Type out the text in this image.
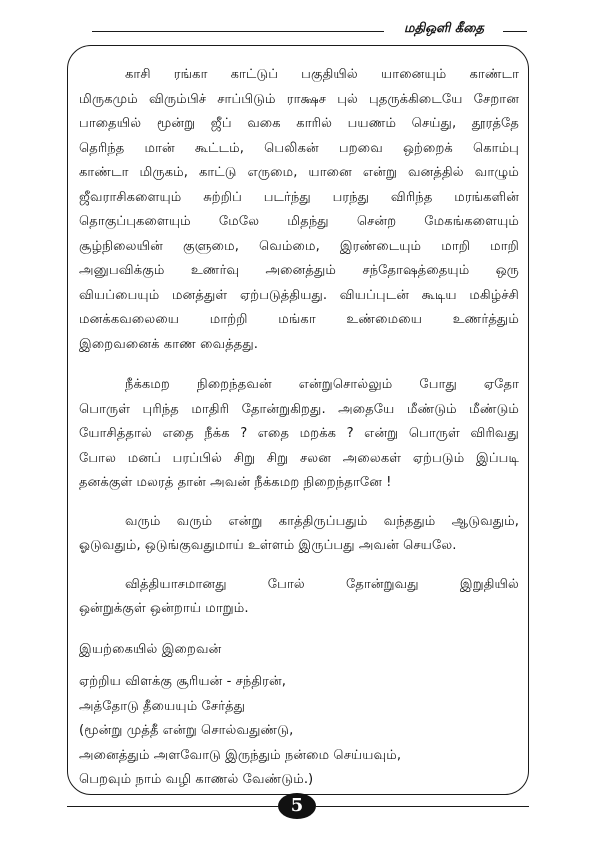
மதிஒளி கீதை

காசி ரங்கா காட்டுப் பகுதியில் யானையும் காண்டா
மிருகமும் விரும்பிச் சாப்பிடும் ராக்ஷச புல் புதருக்கிடையே சேறான
பாதையில் மூன்று ஜீப் வகை காரில் பயணம் செய்து, தூரத்தே
தெரிந்த மான் கூட்டம், பெலிகன் பறவை ஒற்றைக் கொம்பு
காண்டா மிருகம், காட்டு எருமை, யானை என்று வனத்தில் வாழும்
ஜீவராசிகளையும் சுற்றிப் படர்ந்து பரந்து விரிந்த மரங்களின்
தொகுப்புகளையும் மேலே மிதந்து சென்ற மேகங்களையும்
சூழ்நிலையின் குளுமை, வெம்மை, இரண்டையும் மாறி மாறி
அனுபவிக்கும் உணர்வு அனைத்தும் சந்தோஷத்தையும் ஒரு
வியப்பையும் மனத்துள் ஏற்படுத்தியது. வியப்புடன் கூடிய மகிழ்ச்சி
மனக்கவலையை மாற்றி மங்கா உண்மையை உணர்த்தும்
இறைவனைக் காண வைத்தது.

நீக்கமற நிறைந்தவன் என்றுசொல்லும் போது ஏதோ
பொருள் புரிந்த மாதிரி தோன்றுகிறது. அதையே மீண்டும் மீண்டும்
யோசித்தால் எதை நீக்க ? எதை மறக்க ? என்று பொருள் விரிவது
போல மனப் பரப்பில் சிறு சிறு சலன அலைகள் ஏற்படும் இப்படி
தனக்குள் மலரத் தான் அவன் நீக்கமற நிறைந்தானே !

வரும் வரும் என்று காத்திருப்பதும் வந்ததும் ஆடுவதும்,
ஓடுவதும், ஒடுங்குவதுமாய் உள்ளம் இருப்பது அவன் செயலே.

வித்தியாசமானது போல் தோன்றுவது இறுதியில்
ஒன்றுக்குள் ஒன்றாய் மாறும்.

இயற்கையில் இறைவன்

ஏற்றிய விளக்கு சூரியன் - சந்திரன்,
அத்தோடு தீயையும் சேர்த்து
(மூன்று முத்தீ என்று சொல்வதுண்டு,
அனைத்தும் அளவோடு இருந்தும் நன்மை செய்யவும்,
பெறவும் நாம் வழி காணல் வேண்டும்.)
5
